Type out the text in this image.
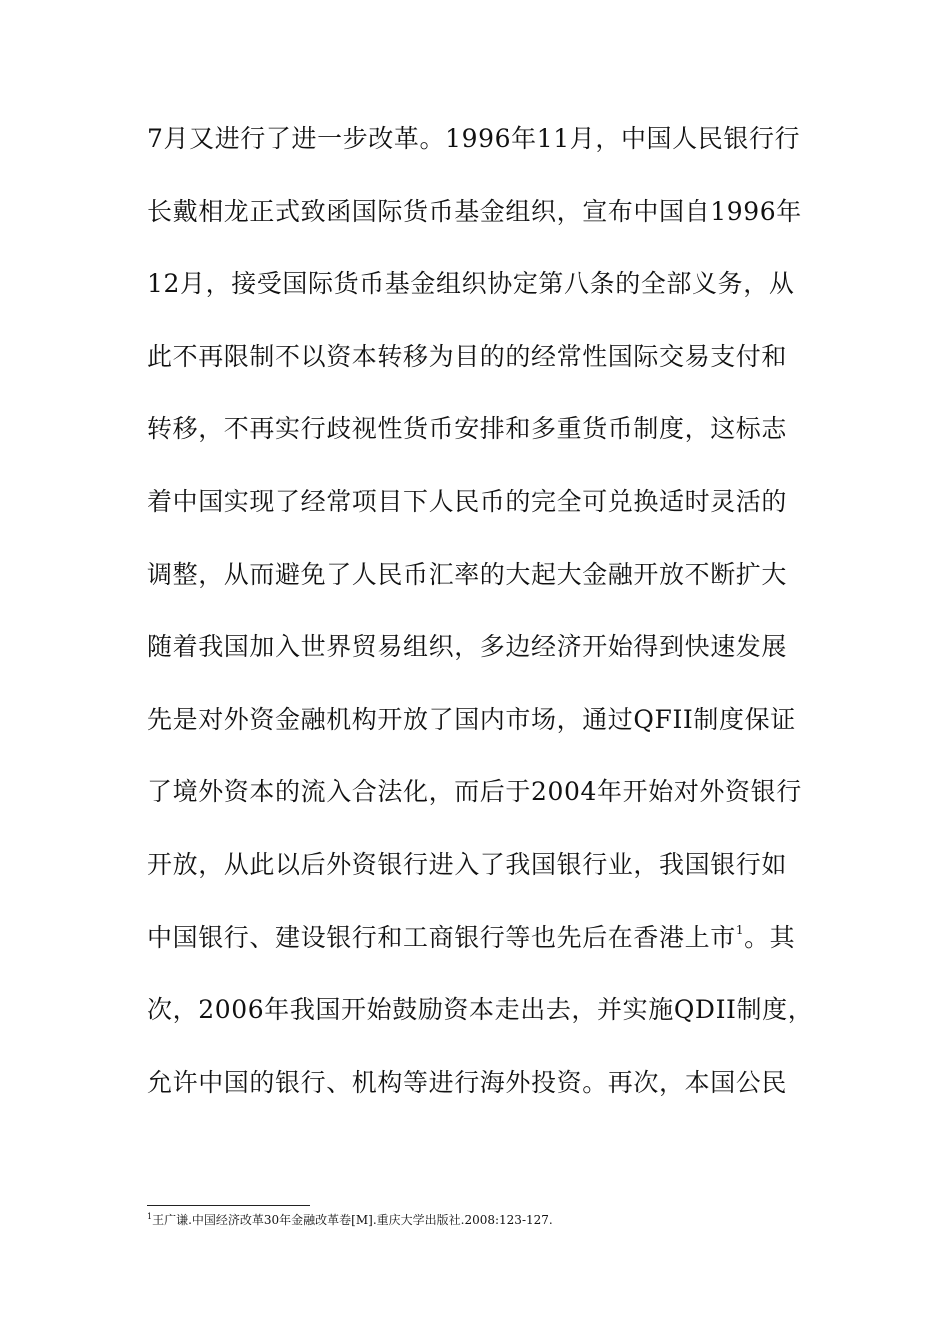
7月又进行了进一步改革。1996年11月，中国人民银行行
长戴相龙正式致函国际货币基金组织，宣布中国自1996年
12月，接受国际货币基金组织协定第八条的全部义务，从
此不再限制不以资本转移为目的的经常性国际交易支付和
转移，不再实行歧视性货币安排和多重货币制度，这标志
着中国实现了经常项目下人民币的完全可兑换适时灵活的
调整，从而避免了人民币汇率的大起大金融开放不断扩大
随着我国加入世界贸易组织，多边经济开始得到快速发展
先是对外资金融机构开放了国内市场，通过QFII制度保证
了境外资本的流入合法化，而后于2004年开始对外资银行
开放，从此以后外资银行进入了我国银行业，我国银行如
中国银行、建设银行和工商银行等也先后在香港上市$^1$。其
次，2006年我国开始鼓励资本走出去，并实施QDII制度，
允许中国的银行、机构等进行海外投资。再次，本国公民
$^1$王广谦.中国经济改革30年金融改革卷[M].重庆大学出版社.2008:123-127.
